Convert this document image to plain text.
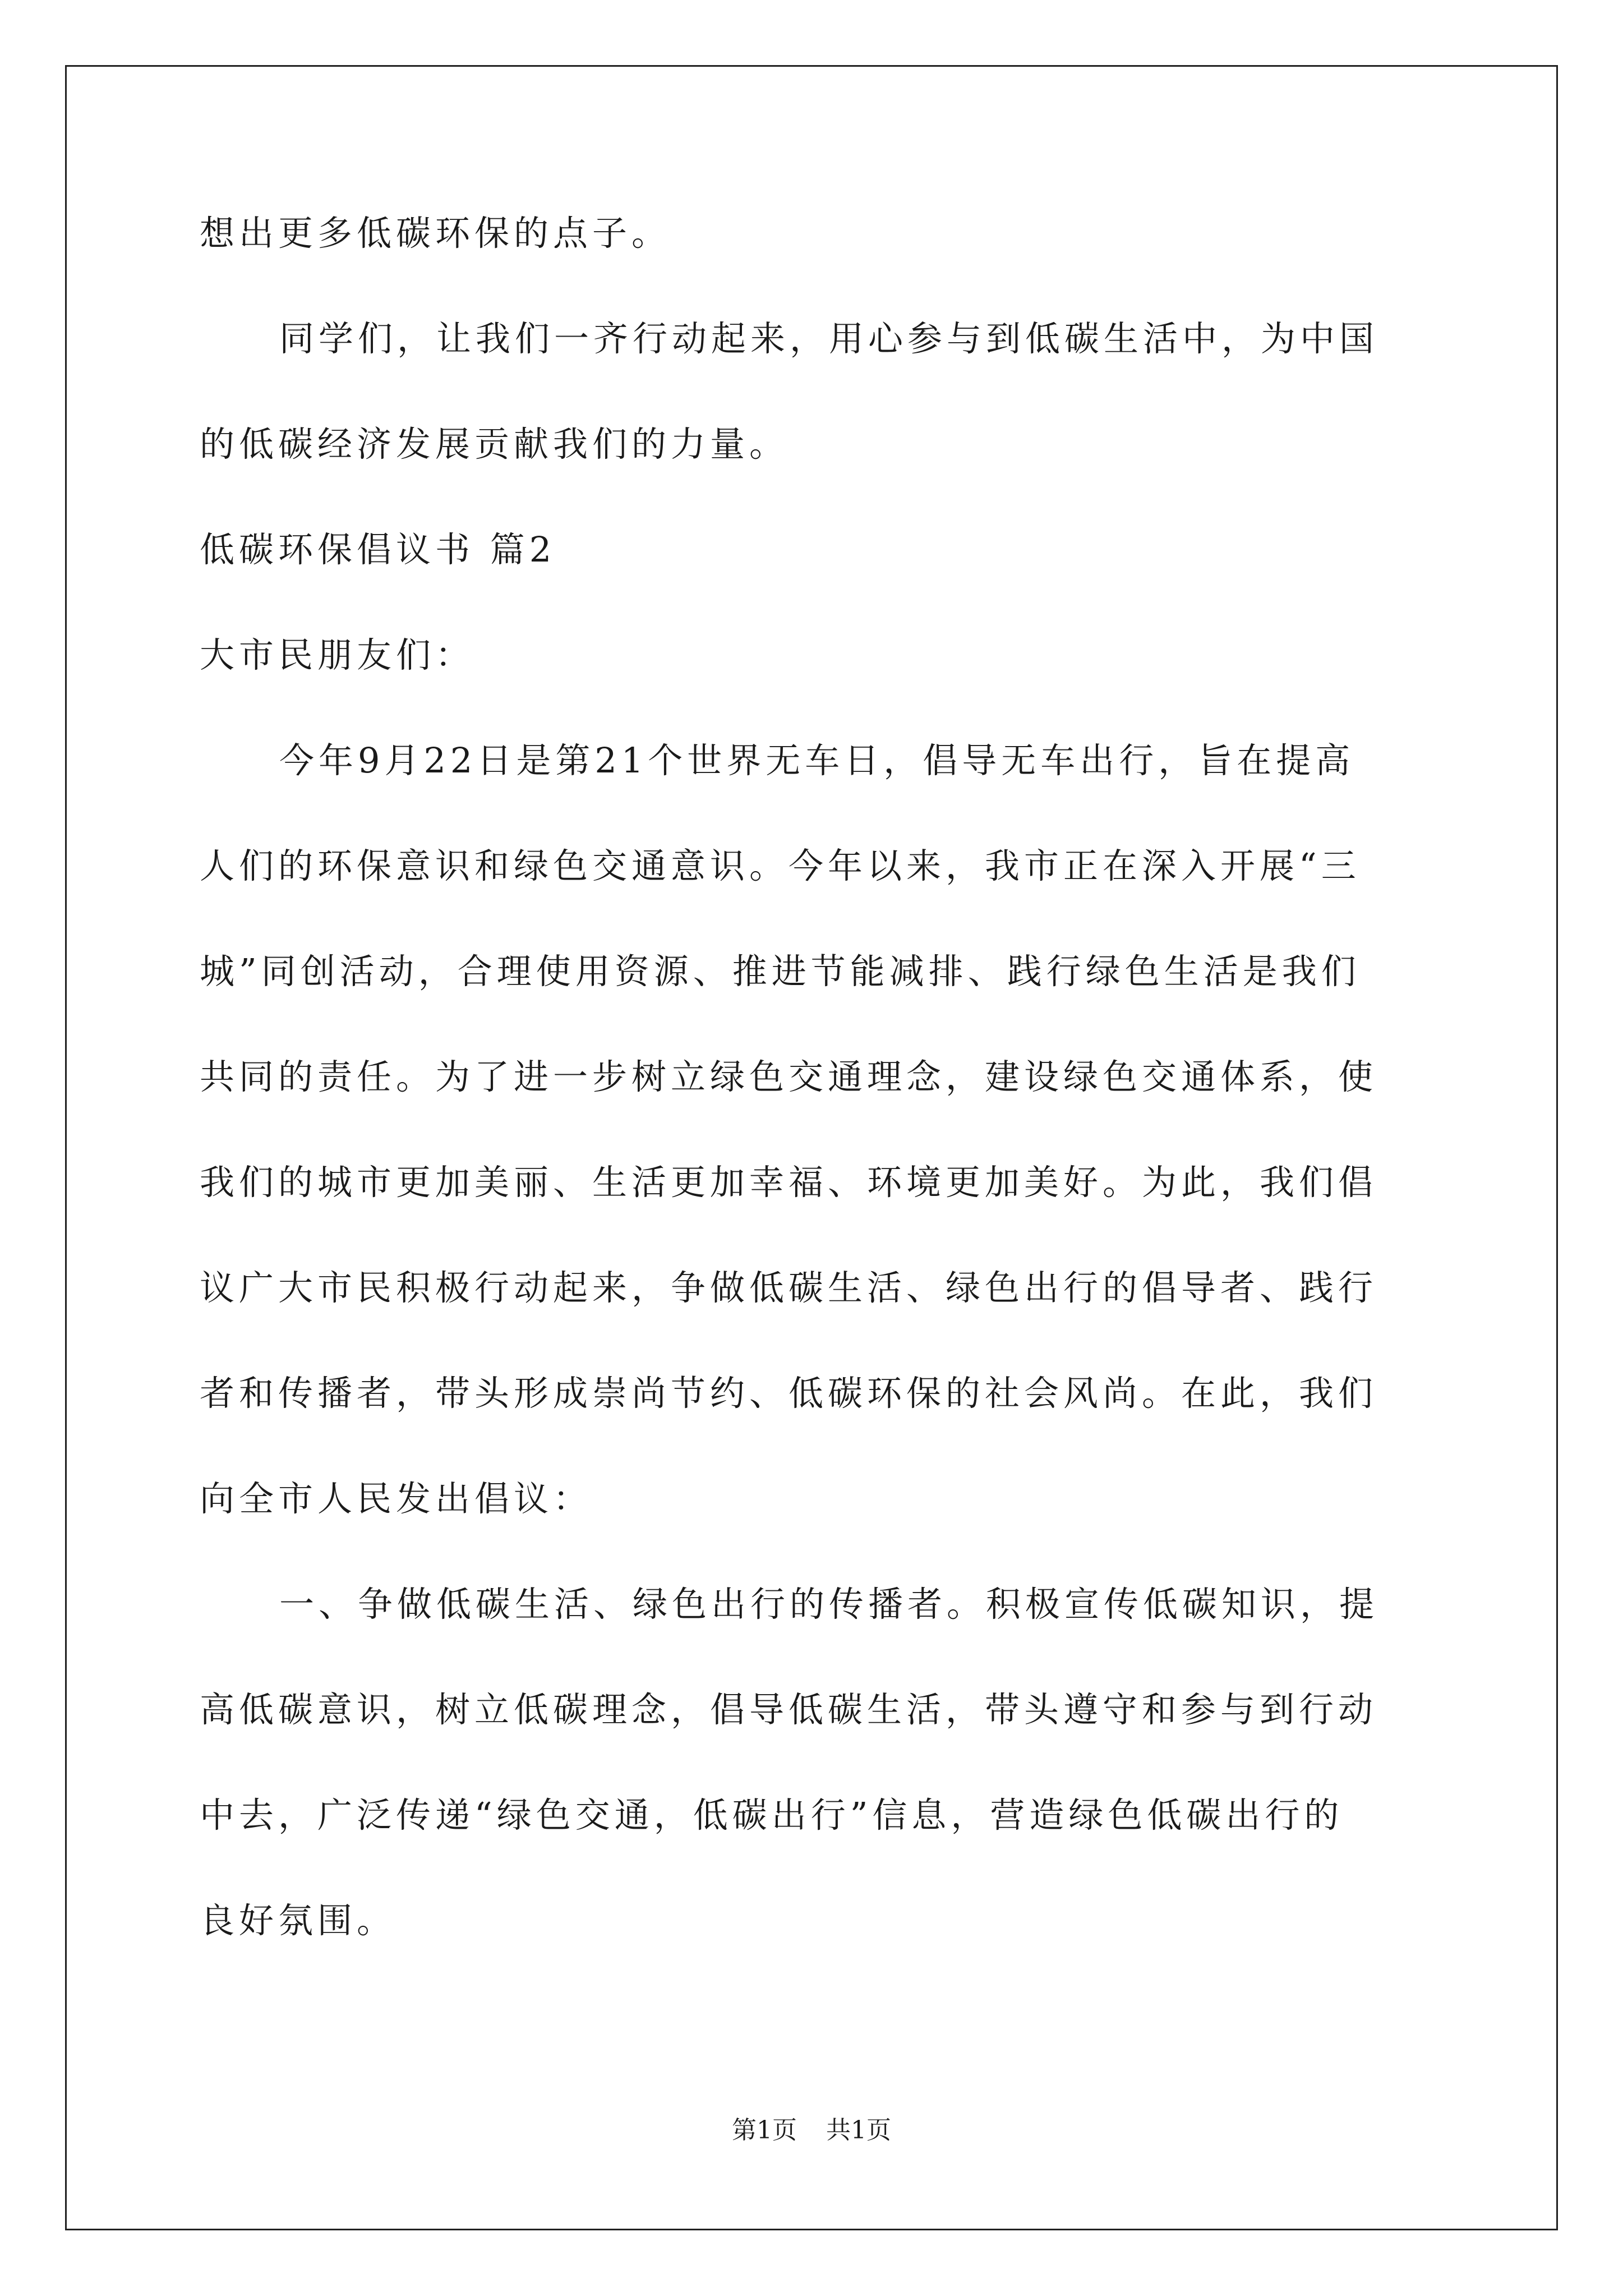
想出更多低碳环保的点子。
同学们，让我们一齐行动起来，用心参与到低碳生活中，为中国
的低碳经济发展贡献我们的力量。
低碳环保倡议书 篇2
大市民朋友们：
今年9月22日是第21个世界无车日，倡导无车出行，旨在提高
人们的环保意识和绿色交通意识。今年以来，我市正在深入开展“三
城”同创活动，合理使用资源、推进节能减排、践行绿色生活是我们
共同的责任。为了进一步树立绿色交通理念，建设绿色交通体系，使
我们的城市更加美丽、生活更加幸福、环境更加美好。为此，我们倡
议广大市民积极行动起来，争做低碳生活、绿色出行的倡导者、践行
者和传播者，带头形成崇尚节约、低碳环保的社会风尚。在此，我们
向全市人民发出倡议：
一、争做低碳生活、绿色出行的传播者。积极宣传低碳知识，提
高低碳意识，树立低碳理念，倡导低碳生活，带头遵守和参与到行动
中去，广泛传递“绿色交通，低碳出行”信息，营造绿色低碳出行的
良好氛围。
第1页 共1页
